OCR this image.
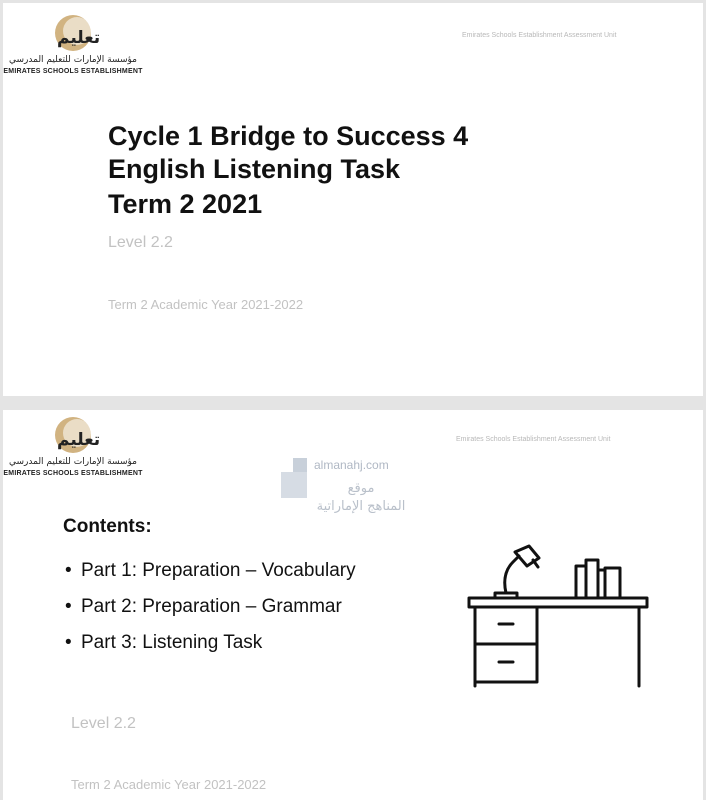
تعليم
مؤسسة الإمارات للتعليم المدرسي
EMIRATES SCHOOLS ESTABLISHMENT
Emirates Schools Establishment Assessment Unit
Cycle 1 Bridge to Success 4
English Listening Task
Term 2 2021
Level 2.2
Term 2 Academic Year 2021-2022
تعليم
مؤسسة الإمارات للتعليم المدرسي
EMIRATES SCHOOLS ESTABLISHMENT
Emirates Schools Establishment Assessment Unit
almanahj.com
موقع
المناهج الإماراتية
Contents:
• Part 1: Preparation – Vocabulary
• Part 2: Preparation – Grammar
• Part 3: Listening Task
Level 2.2
Term 2 Academic Year 2021-2022
